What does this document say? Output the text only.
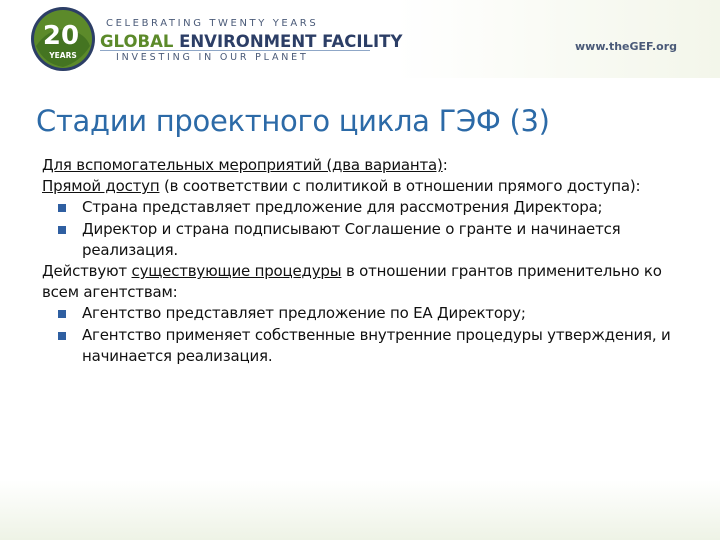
20
YEARS
CELEBRATING TWENTY YEARS
GLOBAL ENVIRONMENT FACILITY
INVESTING IN OUR PLANET
www.theGEF.org
Стадии проектного цикла ГЭФ (3)

Для вспомогательных мероприятий (два варианта):

Прямой доступ (в соответствии с политикой в отношении прямого доступа):

Страна представляет предложение для рассмотрения Директора;

Директор и страна подписывают Соглашение о гранте и начинается реализация.

Действуют существующие процедуры в отношении грантов применительно ко всем агентствам:

Агентство представляет предложение по ЕА Директору;

Агентство применяет собственные внутренние процедуры утверждения, и начинается реализация.
